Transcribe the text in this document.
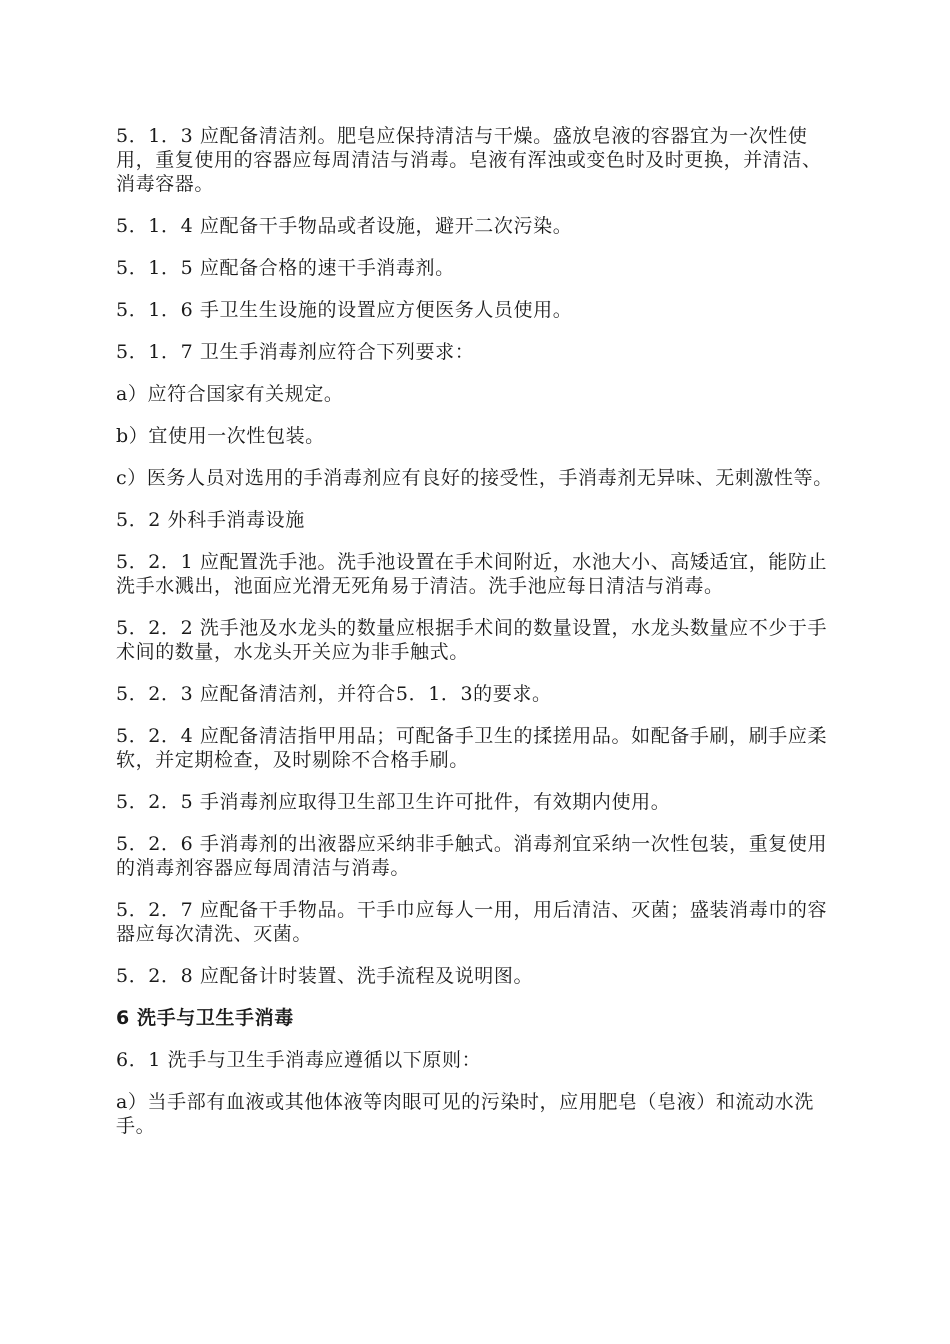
5．1．3 应配备清洁剂。肥皂应保持清洁与干燥。盛放皂液的容器宜为一次性使用，重复使用的容器应每周清洁与消毒。皂液有浑浊或变色时及时更换，并清洁、消毒容器。

5．1．4 应配备干手物品或者设施，避开二次污染。

5．1．5 应配备合格的速干手消毒剂。

5．1．6 手卫生生设施的设置应方便医务人员使用。

5．1．7 卫生手消毒剂应符合下列要求：

a）应符合国家有关规定。

b）宜使用一次性包装。

c）医务人员对选用的手消毒剂应有良好的接受性，手消毒剂无异味、无刺激性等。

5．2 外科手消毒设施

5．2．1 应配置洗手池。洗手池设置在手术间附近，水池大小、高矮适宜，能防止洗手水溅出，池面应光滑无死角易于清洁。洗手池应每日清洁与消毒。

5．2．2 洗手池及水龙头的数量应根据手术间的数量设置，水龙头数量应不少于手术间的数量，水龙头开关应为非手触式。

5．2．3 应配备清洁剂，并符合5．1．3的要求。

5．2．4 应配备清洁指甲用品；可配备手卫生的揉搓用品。如配备手刷，刷手应柔软，并定期检查，及时剔除不合格手刷。

5．2．5 手消毒剂应取得卫生部卫生许可批件，有效期内使用。

5．2．6 手消毒剂的出液器应采纳非手触式。消毒剂宜采纳一次性包装，重复使用的消毒剂容器应每周清洁与消毒。

5．2．7 应配备干手物品。干手巾应每人一用，用后清洁、灭菌；盛装消毒巾的容器应每次清洗、灭菌。

5．2．8 应配备计时装置、洗手流程及说明图。

6 洗手与卫生手消毒

6．1 洗手与卫生手消毒应遵循以下原则：

a）当手部有血液或其他体液等肉眼可见的污染时，应用肥皂（皂液）和流动水洗手。
